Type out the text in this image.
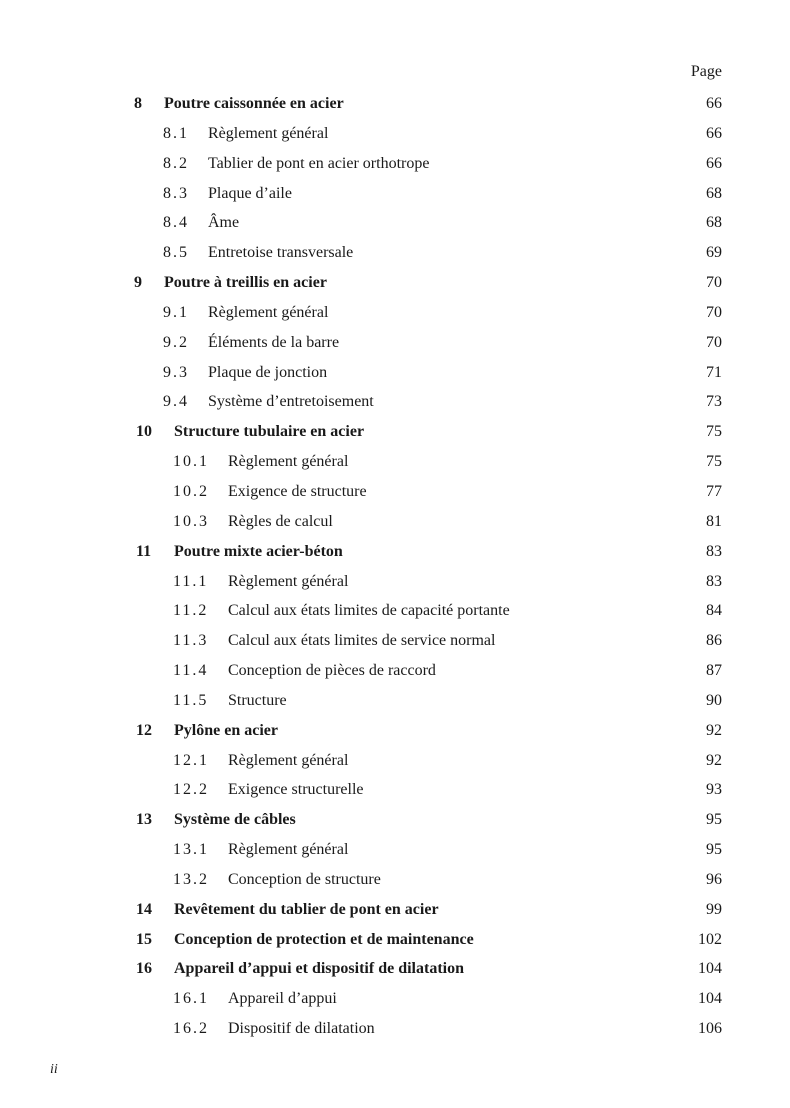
Page
8 Poutre caissonnée en acier	66
8.1 Règlement général	66
8.2 Tablier de pont en acier orthotrope	66
8.3 Plaque d’aile	68
8.4 Âme	68
8.5 Entretoise transversale	69
9 Poutre à treillis en acier	70
9.1 Règlement général	70
9.2 Éléments de la barre	70
9.3 Plaque de jonction	71
9.4 Système d’entretoisement	73
10 Structure tubulaire en acier	75
10.1 Règlement général	75
10.2 Exigence de structure	77
10.3 Règles de calcul	81
11 Poutre mixte acier-béton	83
11.1 Règlement général	83
11.2 Calcul aux états limites de capacité portante	84
11.3 Calcul aux états limites de service normal	86
11.4 Conception de pièces de raccord	87
11.5 Structure	90
12 Pylône en acier	92
12.1 Règlement général	92
12.2 Exigence structurelle	93
13 Système de câbles	95
13.1 Règlement général	95
13.2 Conception de structure	96
14 Revêtement du tablier de pont en acier	99
15 Conception de protection et de maintenance	102
16 Appareil d’appui et dispositif de dilatation	104
16.1 Appareil d’appui	104
16.2 Dispositif de dilatation	106
ii
